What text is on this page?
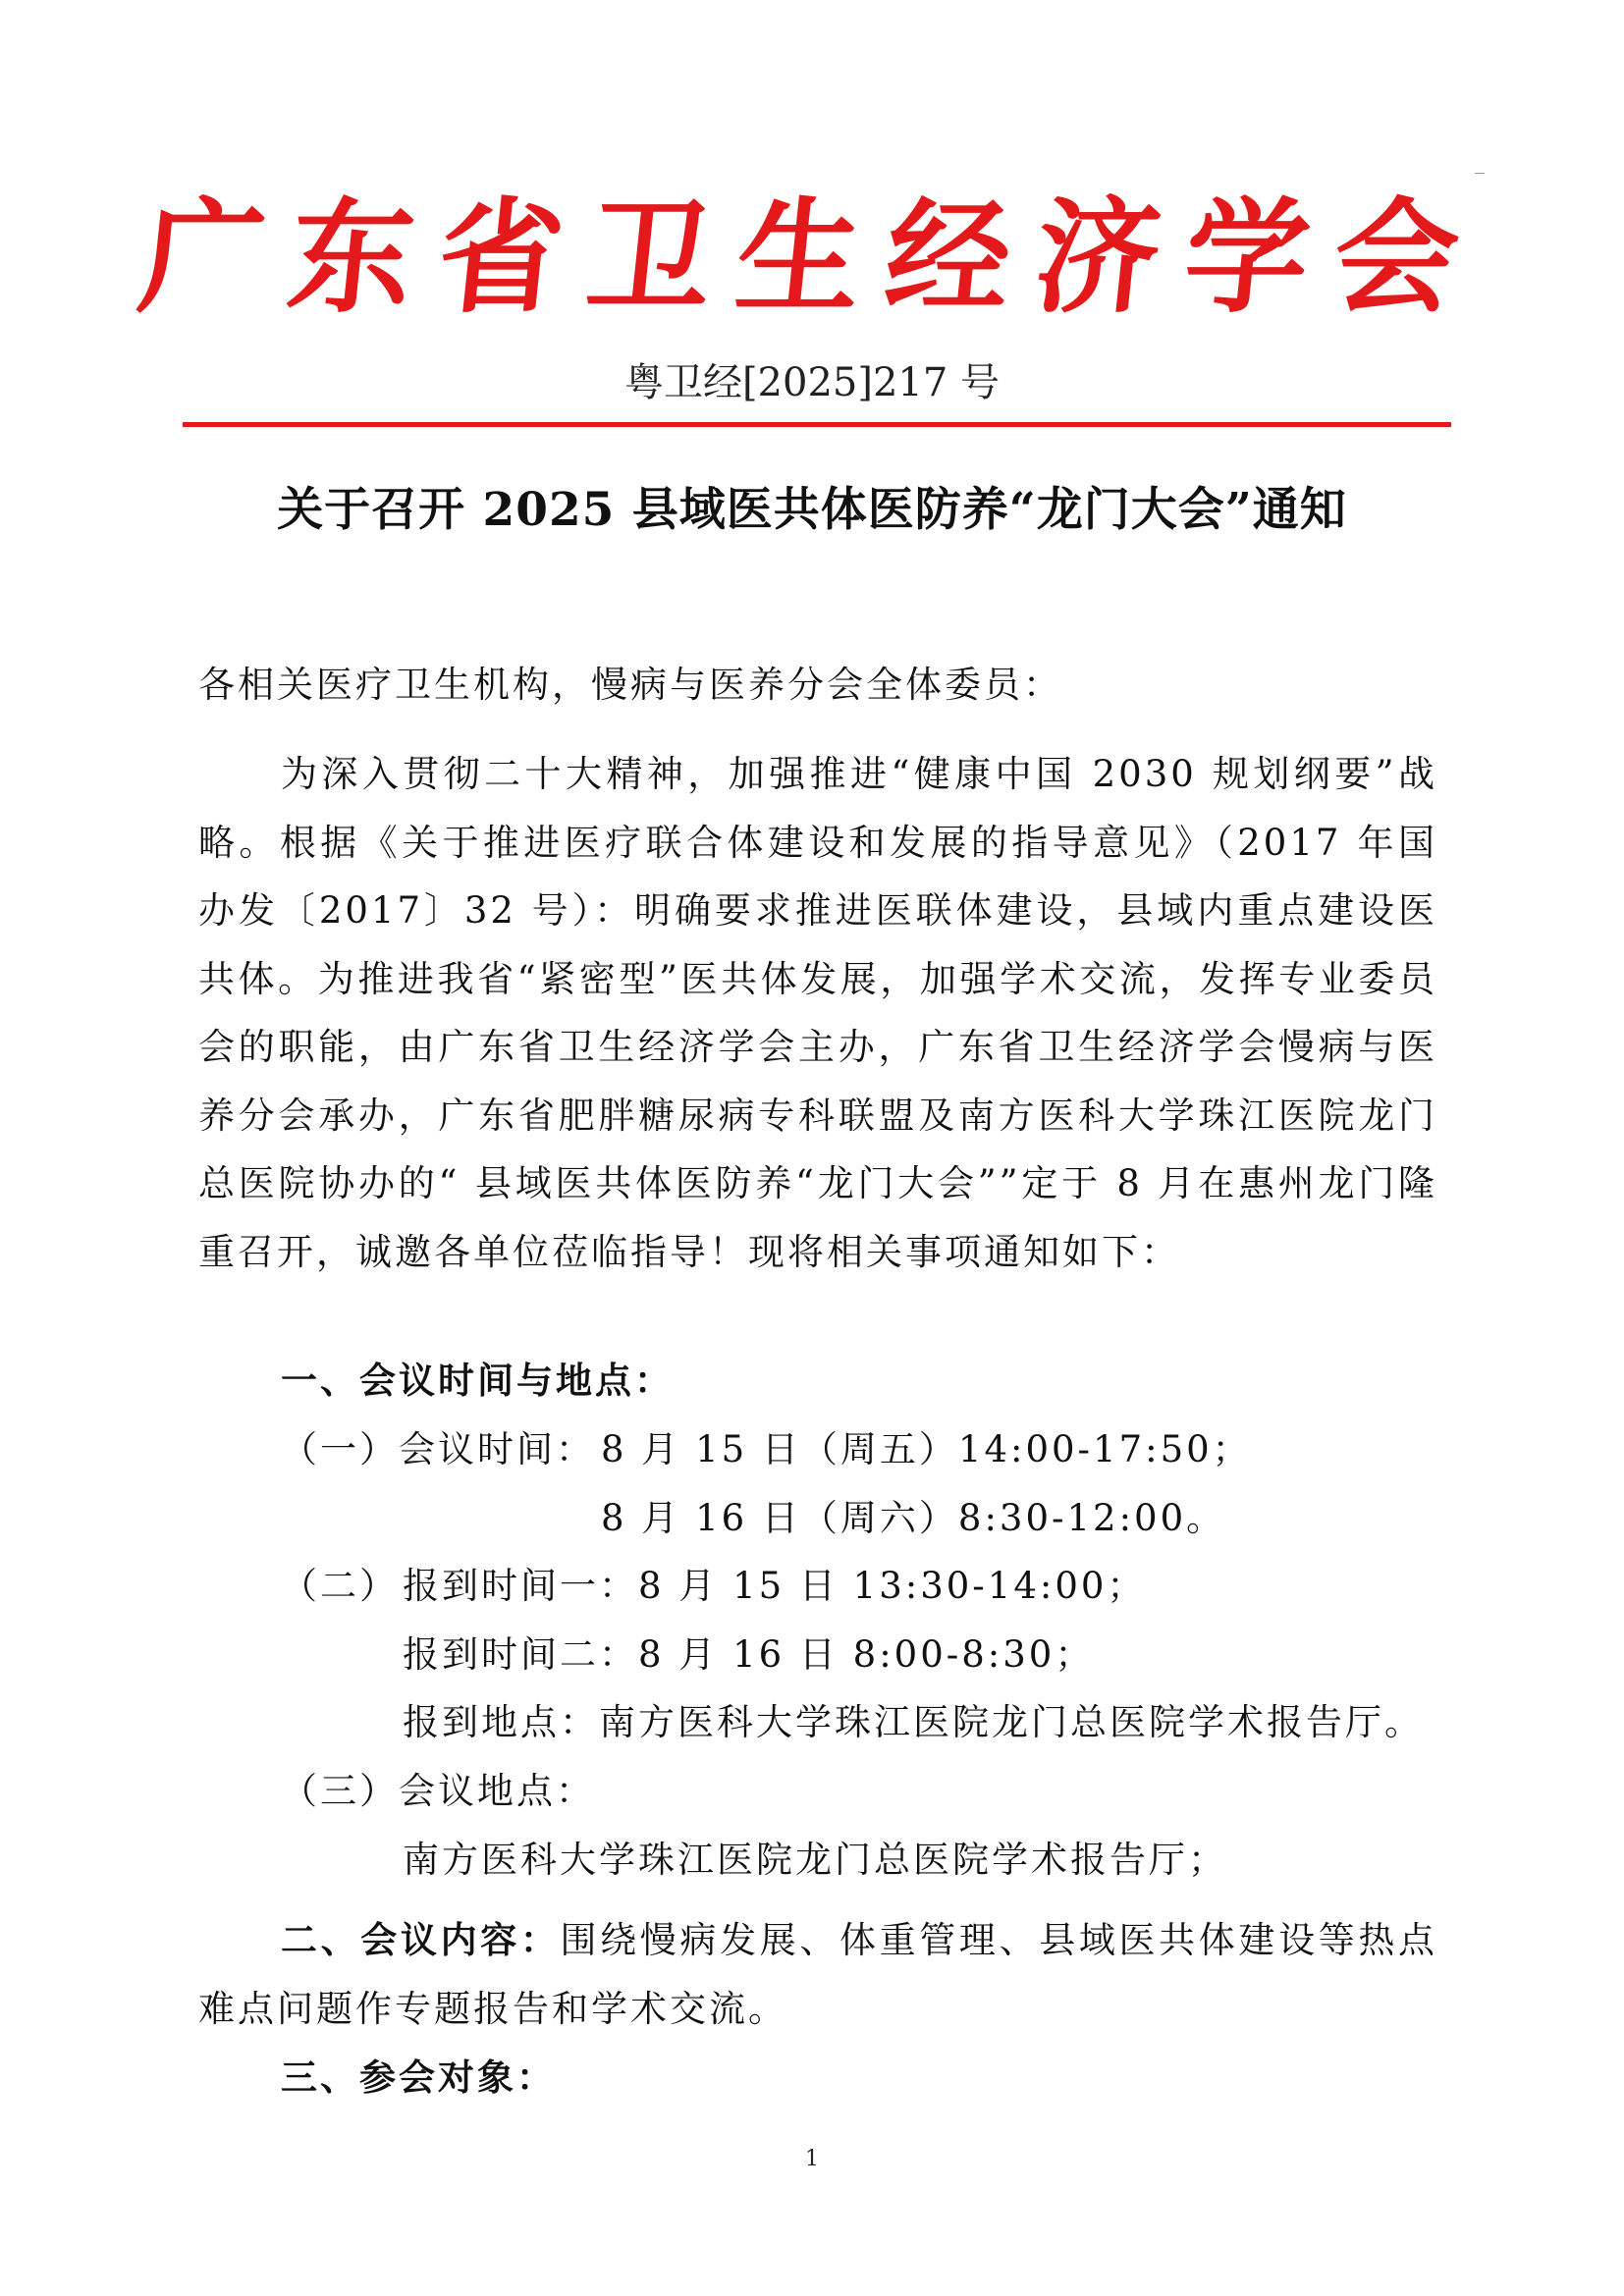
广东省卫生经济学会
粤卫经[2025]217 号
关于召开 2025 县域医共体医防养“龙门大会”通知
各相关医疗卫生机构，慢病与医养分会全体委员：
为深入贯彻二十大精神，加强推进“健康中国 2030 规划纲要”战略。根据《关于推进医疗联合体建设和发展的指导意见》（2017 年国办发〔2017〕32 号）：明确要求推进医联体建设，县域内重点建设医共体。为推进我省“紧密型”医共体发展，加强学术交流，发挥专业委员会的职能，由广东省卫生经济学会主办，广东省卫生经济学会慢病与医养分会承办，广东省肥胖糖尿病专科联盟及南方医科大学珠江医院龙门总医院协办的“ 县域医共体医防养“龙门大会””定于 8 月在惠州龙门隆重召开，诚邀各单位莅临指导！现将相关事项通知如下：
一、会议时间与地点：
（一）会议时间： 8 月 15 日（周五）14:00-17:50；
8 月 16 日（周六）8:30-12:00。
（二） 报到时间一：8 月 15 日 13:30-14:00；
报到时间二：8 月 16 日 8:00-8:30；
报到地点：南方医科大学珠江医院龙门总医院学术报告厅。
（三）会议地点：
南方医科大学珠江医院龙门总医院学术报告厅；
二、会议内容：围绕慢病发展、体重管理、县域医共体建设等热点难点问题作专题报告和学术交流。
三、参会对象：
1
